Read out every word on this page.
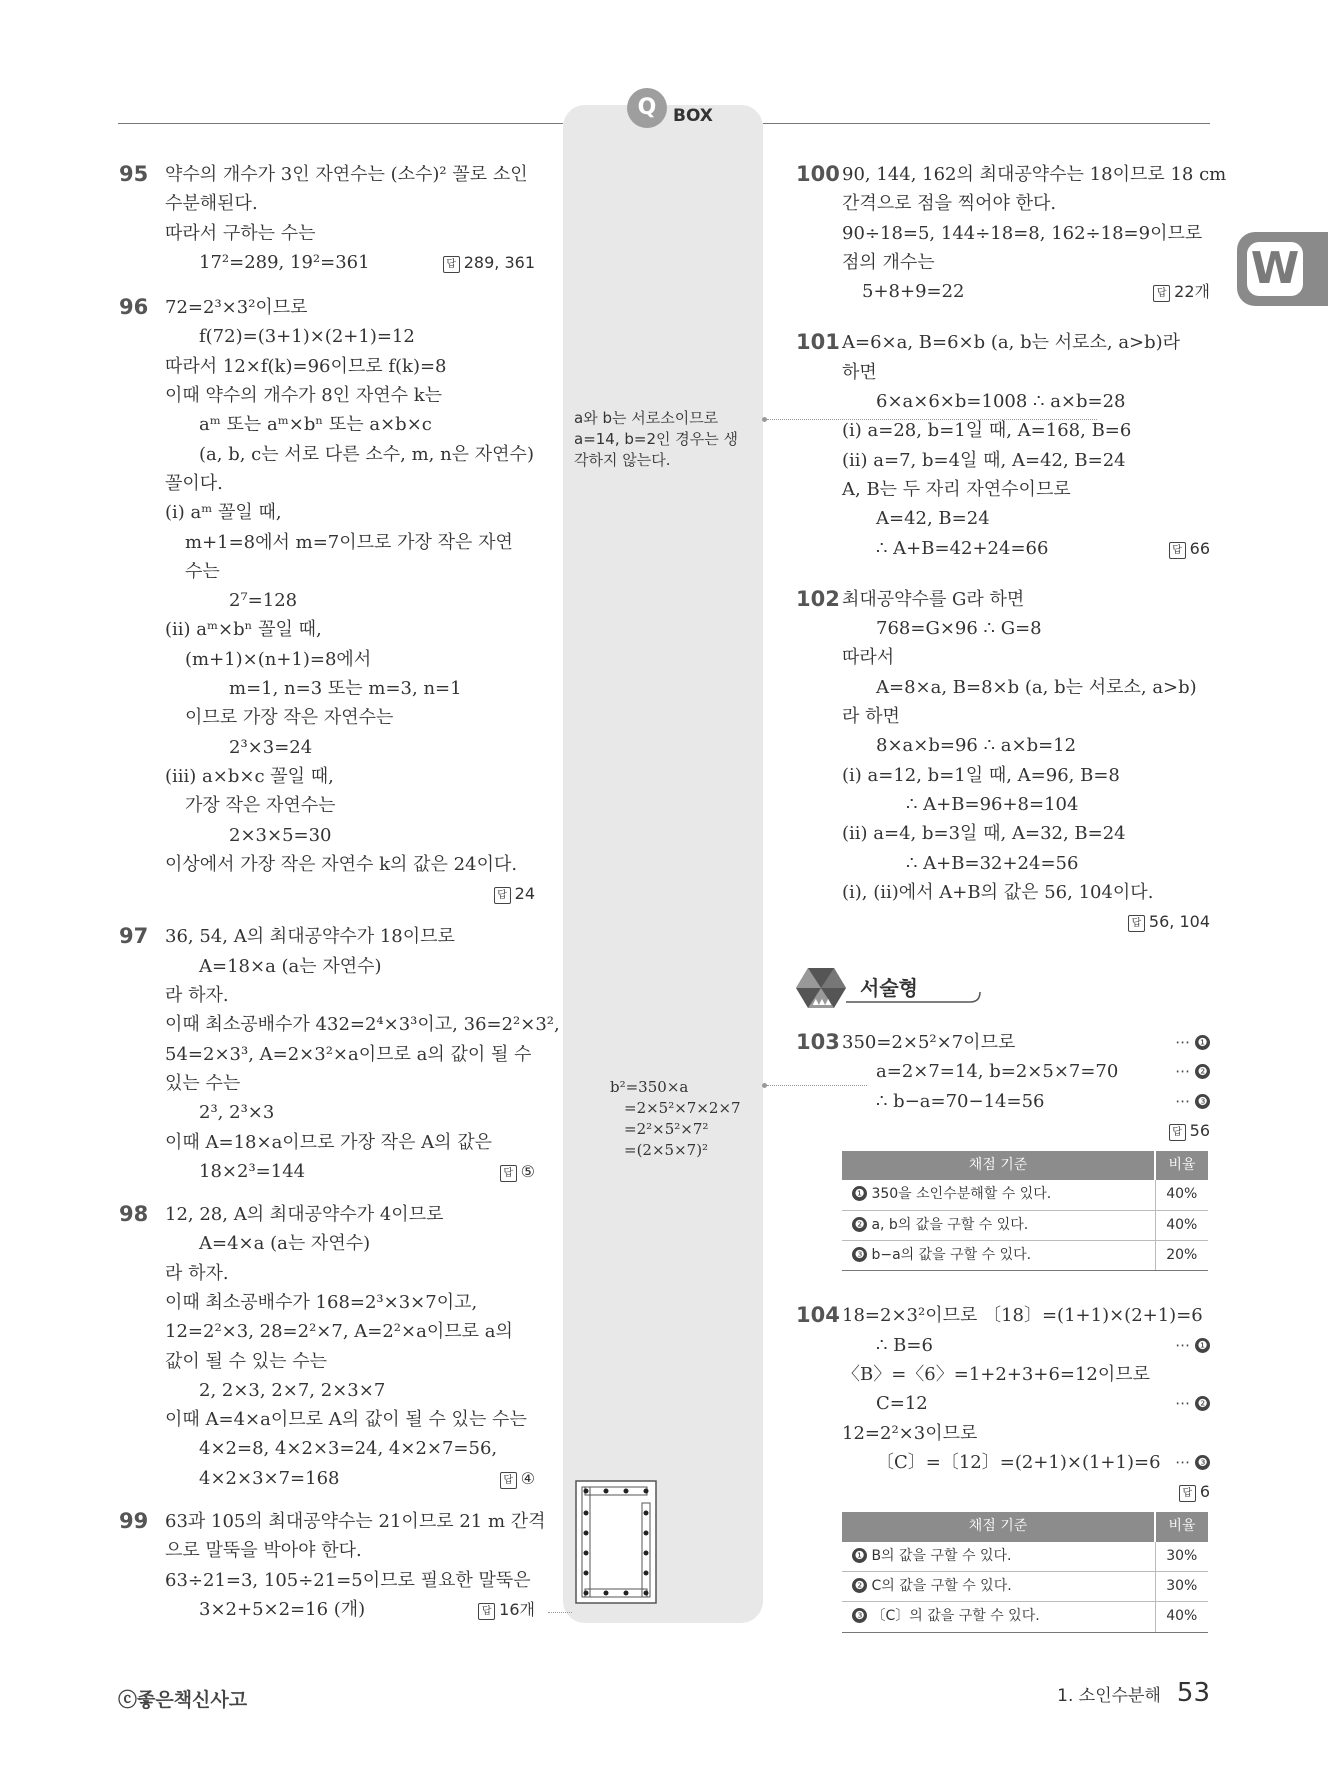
Q BOX
W
95 약수의 개수가 3인 자연수는 (소수)² 꼴로 소인
수분해된다.
따라서 구하는 수는
17²=289, 19²=361	답 289, 361
96 72=2³×3²이므로
f(72)=(3+1)×(2+1)=12
따라서 12×f(k)=96이므로 f(k)=8
이때 약수의 개수가 8인 자연수 k는
aᵐ 또는 aᵐ×bⁿ 또는 a×b×c
(a, b, c는 서로 다른 소수, m, n은 자연수)
꼴이다.
(ⅰ) aᵐ 꼴일 때,
m+1=8에서 m=7이므로 가장 작은 자연
수는
2⁷=128
(ⅱ) aᵐ×bⁿ 꼴일 때,
(m+1)×(n+1)=8에서
m=1, n=3 또는 m=3, n=1
이므로 가장 작은 자연수는
2³×3=24
(ⅲ) a×b×c 꼴일 때,
가장 작은 자연수는
2×3×5=30
이상에서 가장 작은 자연수 k의 값은 24이다.
답 24
97 36, 54, A의 최대공약수가 18이므로
A=18×a (a는 자연수)
라 하자.
이때 최소공배수가 432=2⁴×3³이고, 36=2²×3²,
54=2×3³, A=2×3²×a이므로 a의 값이 될 수
있는 수는
2³, 2³×3
이때 A=18×a이므로 가장 작은 A의 값은
18×2³=144	답 ⑤
98 12, 28, A의 최대공약수가 4이므로
A=4×a (a는 자연수)
라 하자.
이때 최소공배수가 168=2³×3×7이고,
12=2²×3, 28=2²×7, A=2²×a이므로 a의
값이 될 수 있는 수는
2, 2×3, 2×7, 2×3×7
이때 A=4×a이므로 A의 값이 될 수 있는 수는
4×2=8, 4×2×3=24, 4×2×7=56,
4×2×3×7=168	답 ④
99 63과 105의 최대공약수는 21이므로 21 m 간격
으로 말뚝을 박아야 한다.
63÷21=3, 105÷21=5이므로 필요한 말뚝은
3×2+5×2=16 (개)	답 16개
a와 b는 서로소이므로
a=14, b=2인 경우는 생
각하지 않는다.
b²=350×a
=2×5²×7×2×7
=2²×5²×7²
=(2×5×7)²
100 90, 144, 162의 최대공약수는 18이므로 18 cm
간격으로 점을 찍어야 한다.
90÷18=5, 144÷18=8, 162÷18=9이므로
점의 개수는
5+8+9=22	답 22개
101 A=6×a, B=6×b (a, b는 서로소, a>b)라
하면
6×a×6×b=1008 ∴ a×b=28
(ⅰ) a=28, b=1일 때, A=168, B=6
(ⅱ) a=7, b=4일 때, A=42, B=24
A, B는 두 자리 자연수이므로
A=42, B=24
∴ A+B=42+24=66	답 66
102 최대공약수를 G라 하면
768=G×96 ∴ G=8
따라서
A=8×a, B=8×b (a, b는 서로소, a>b)
라 하면
8×a×b=96 ∴ a×b=12
(ⅰ) a=12, b=1일 때, A=96, B=8
∴ A+B=96+8=104
(ⅱ) a=4, b=3일 때, A=32, B=24
∴ A+B=32+24=56
(ⅰ), (ⅱ)에서 A+B의 값은 56, 104이다.
답 56, 104
▲▲▲
서술형
103 350=2×5²×7이므로	⋯ ❶
a=2×7=14, b=2×5×7=70	⋯ ❷
∴ b−a=70−14=56	⋯ ❸
답 56
채점 기준	비율
❶ 350을 소인수분해할 수 있다.	40%
❷ a, b의 값을 구할 수 있다.	40%
❸ b−a의 값을 구할 수 있다.	20%
104 18=2×3²이므로 〔18〕=(1+1)×(2+1)=6
∴ B=6	⋯ ❶
〈B〉=〈6〉=1+2+3+6=12이므로
C=12	⋯ ❷
12=2²×3이므로
〔C〕=〔12〕=(2+1)×(1+1)=6 ⋯ ❸
답 6
채점 기준	비율
❶ B의 값을 구할 수 있다.	30%
❷ C의 값을 구할 수 있다.	30%
❸ 〔C〕의 값을 구할 수 있다.	40%
ⓒ좋은책신사고	1. 소인수분해 53
